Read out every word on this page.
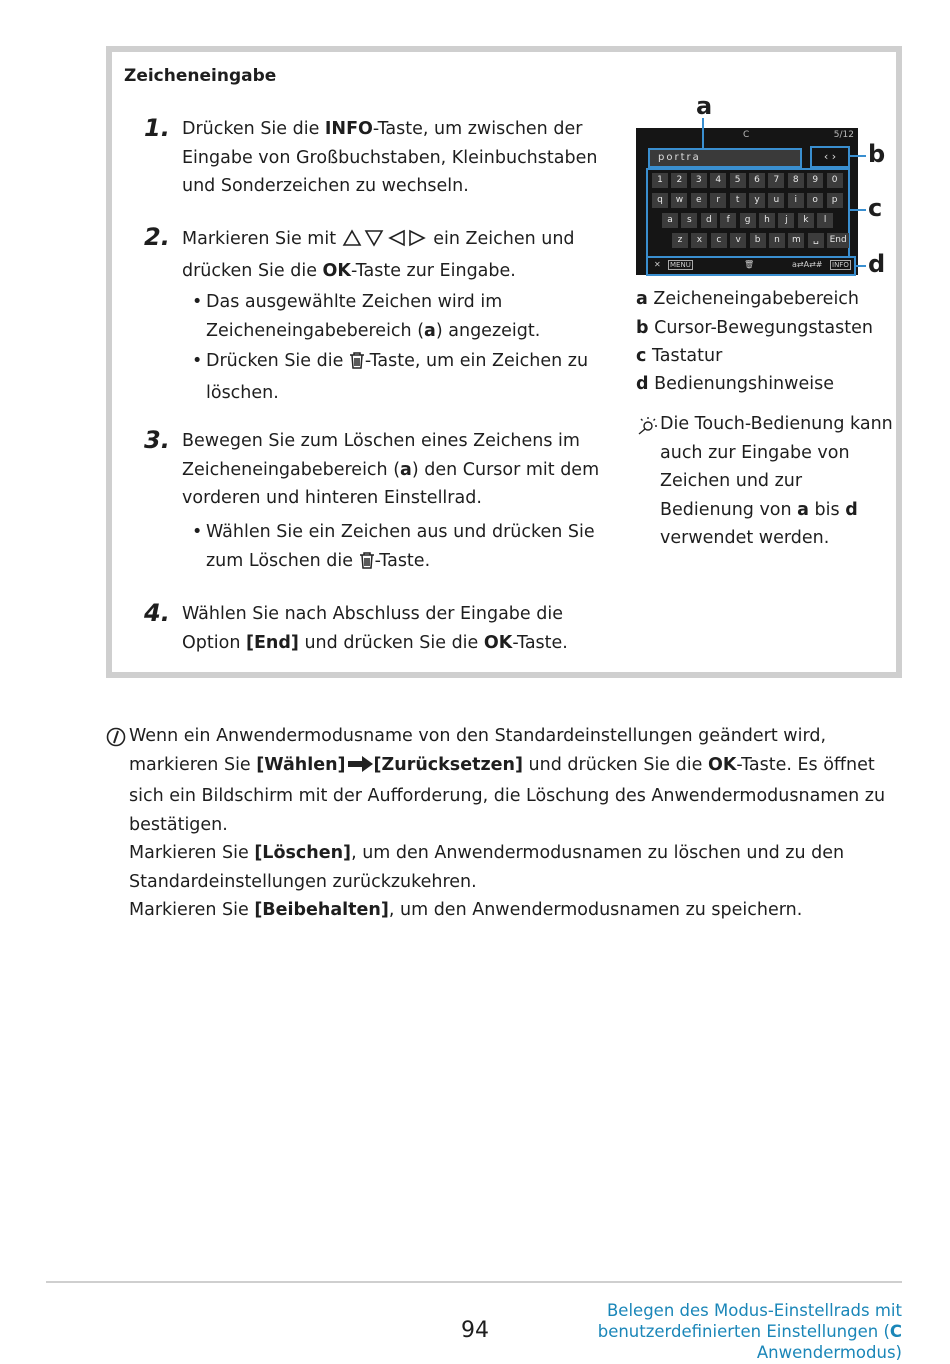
Zeicheneingabe
1. Drücken Sie die INFO-Taste, um zwischen der Eingabe von Großbuchstaben, Kleinbuchstaben und Sonderzeichen zu wechseln.
2. Markieren Sie mit	ein Zeichen und drücken Sie die OK-Taste zur Eingabe.
• Das ausgewählte Zeichen wird im Zeicheneingabebereich (a) angezeigt.
• Drücken Sie die -Taste, um ein Zeichen zu löschen.
3. Bewegen Sie zum Löschen eines Zeichens im Zeicheneingabebereich (a) den Cursor mit dem vorderen und hinteren Einstellrad.
• Wählen Sie ein Zeichen aus und drücken Sie zum Löschen die -Taste.
4. Wählen Sie nach Abschluss der Eingabe die Option [End] und drücken Sie die OK-Taste.
C	5/12
portra	‹ ›
1	2	3	4	5	6	7	8	9	0
q	w	e	r	t	y	u	i	o	p
a	s	d	f	g	h	j	k	l
z	x	c	v	b	n	m	␣	End
✕ MENU	🗑	a⇄A⇄# INFO
a
b
c
d
a Zeicheneingabebereich
b Cursor-Bewegungstasten
c Tastatur
d Bedienungshinweise
Die Touch-Bedienung kann auch zur Eingabe von Zeichen und zur Bedienung von a bis d verwendet werden.

Wenn ein Anwendermodusname von den Standardeinstellungen geändert wird, markieren Sie [Wählen] [Zurücksetzen] und drücken Sie die OK-Taste. Es öffnet sich ein Bildschirm mit der Aufforderung, die Löschung des Anwendermodusnamen zu bestätigen.

Markieren Sie [Löschen], um den Anwendermodusnamen zu löschen und zu den Standardeinstellungen zurückzukehren.

Markieren Sie [Beibehalten], um den Anwendermodusnamen zu speichern.

94
Belegen des Modus-Einstellrads mit benutzerdefinierten Einstellungen (C Anwendermodus)
